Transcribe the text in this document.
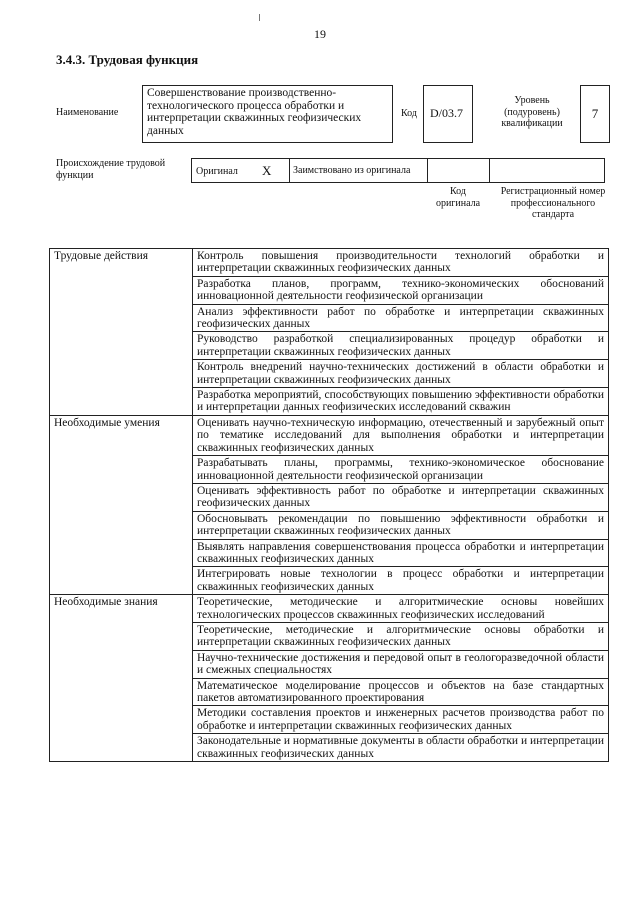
19
3.4.3. Трудовая функция
Наименование
Совершенствование производственно-технологического процесса обработки и интерпретации скважинных геофизических данных
Код	D/03.7
Уровень (подуровень) квалификации
7
Происхождение трудовой функции	Оригинал X	Заимствовано из оригинала
Код оригинала
Регистрационный номер профессионального стандарта
Трудовые действия	Контроль повышения производительности технологий обработки и интерпретации скважинных геофизических данных
	Разработка планов, программ, технико-экономических обоснований инновационной деятельности геофизической организации
	Анализ эффективности работ по обработке и интерпретации скважинных геофизических данных
	Руководство разработкой специализированных процедур обработки и интерпретации скважинных геофизических данных
	Контроль внедрений научно-технических достижений в области обработки и интерпретации скважинных геофизических данных
	Разработка мероприятий, способствующих повышению эффективности обработки и интерпретации данных геофизических исследований скважин
Необходимые умения	Оценивать научно-техническую информацию, отечественный и зарубежный опыт по тематике исследований для выполнения обработки и интерпретации скважинных геофизических данных
	Разрабатывать планы, программы, технико-экономическое обоснование инновационной деятельности геофизической организации
	Оценивать эффективность работ по обработке и интерпретации скважинных геофизических данных
	Обосновывать рекомендации по повышению эффективности обработки и интерпретации скважинных геофизических данных
	Выявлять направления совершенствования процесса обработки и интерпретации скважинных геофизических данных
	Интегрировать новые технологии в процесс обработки и интерпретации скважинных геофизических данных
Необходимые знания	Теоретические, методические и алгоритмические основы новейших технологических процессов скважинных геофизических исследований
	Теоретические, методические и алгоритмические основы обработки и интерпретации скважинных геофизических данных
	Научно-технические достижения и передовой опыт в геологоразведочной области и смежных специальностях
	Математическое моделирование процессов и объектов на базе стандартных пакетов автоматизированного проектирования
	Методики составления проектов и инженерных расчетов производства работ по обработке и интерпретации скважинных геофизических данных
	Законодательные и нормативные документы в области обработки и интерпретации скважинных геофизических данных
